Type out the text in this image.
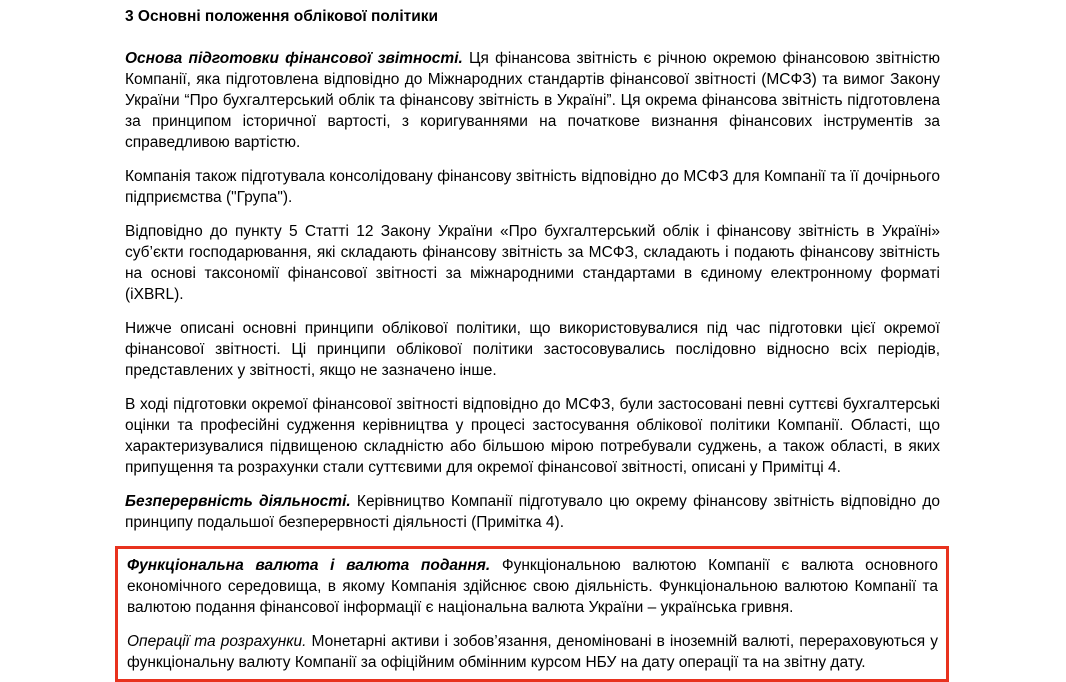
3 Основні положення облікової політики

Основа підготовки фінансової звітності. Ця фінансова звітність є річною окремою фінансовою звітністю Компанії, яка підготовлена відповідно до Міжнародних стандартів фінансової звітності (МСФЗ) та вимог Закону України “Про бухгалтерський облік та фінансову звітність в Україні”. Ця окрема фінансова звітність підготовлена за принципом історичної вартості, з коригуваннями на початкове визнання фінансових інструментів за справедливою вартістю.

Компанія також підготувала консолідовану фінансову звітність відповідно до МСФЗ для Компанії та її дочірнього підприємства ("Група").

Відповідно до пункту 5 Статті 12 Закону України «Про бухгалтерський облік і фінансову звітність в Україні» суб’єкти господарювання, які складають фінансову звітність за МСФЗ, складають і подають фінансову звітність на основі таксономії фінансової звітності за міжнародними стандартами в єдиному електронному форматі (iXBRL).

Нижче описані основні принципи облікової політики, що використовувалися під час підготовки цієї окремої фінансової звітності. Ці принципи облікової політики застосовувались послідовно відносно всіх періодів, представлених у звітності, якщо не зазначено інше.

В ході підготовки окремої фінансової звітності відповідно до МСФЗ, були застосовані певні суттєві бухгалтерські оцінки та професійні судження керівництва у процесі застосування облікової політики Компанії. Області, що характеризувалися підвищеною складністю або більшою мірою потребували суджень, а також області, в яких припущення та розрахунки стали суттєвими для окремої фінансової звітності, описані у Примітці 4.

Безперервність діяльності. Керівництво Компанії підготувало цю окрему фінансову звітність відповідно до принципу подальшої безперервності діяльності (Примітка 4).

Функціональна валюта і валюта подання. Функціональною валютою Компанії є валюта основного економічного середовища, в якому Компанія здійснює свою діяльність. Функціональною валютою Компанії та валютою подання фінансової інформації є національна валюта України – українська гривня.

Операції та розрахунки. Монетарні активи і зобов’язання, деноміновані в іноземній валюті, перераховуються у функціональну валюту Компанії за офіційним обмінним курсом НБУ на дату операції та на звітну дату.
